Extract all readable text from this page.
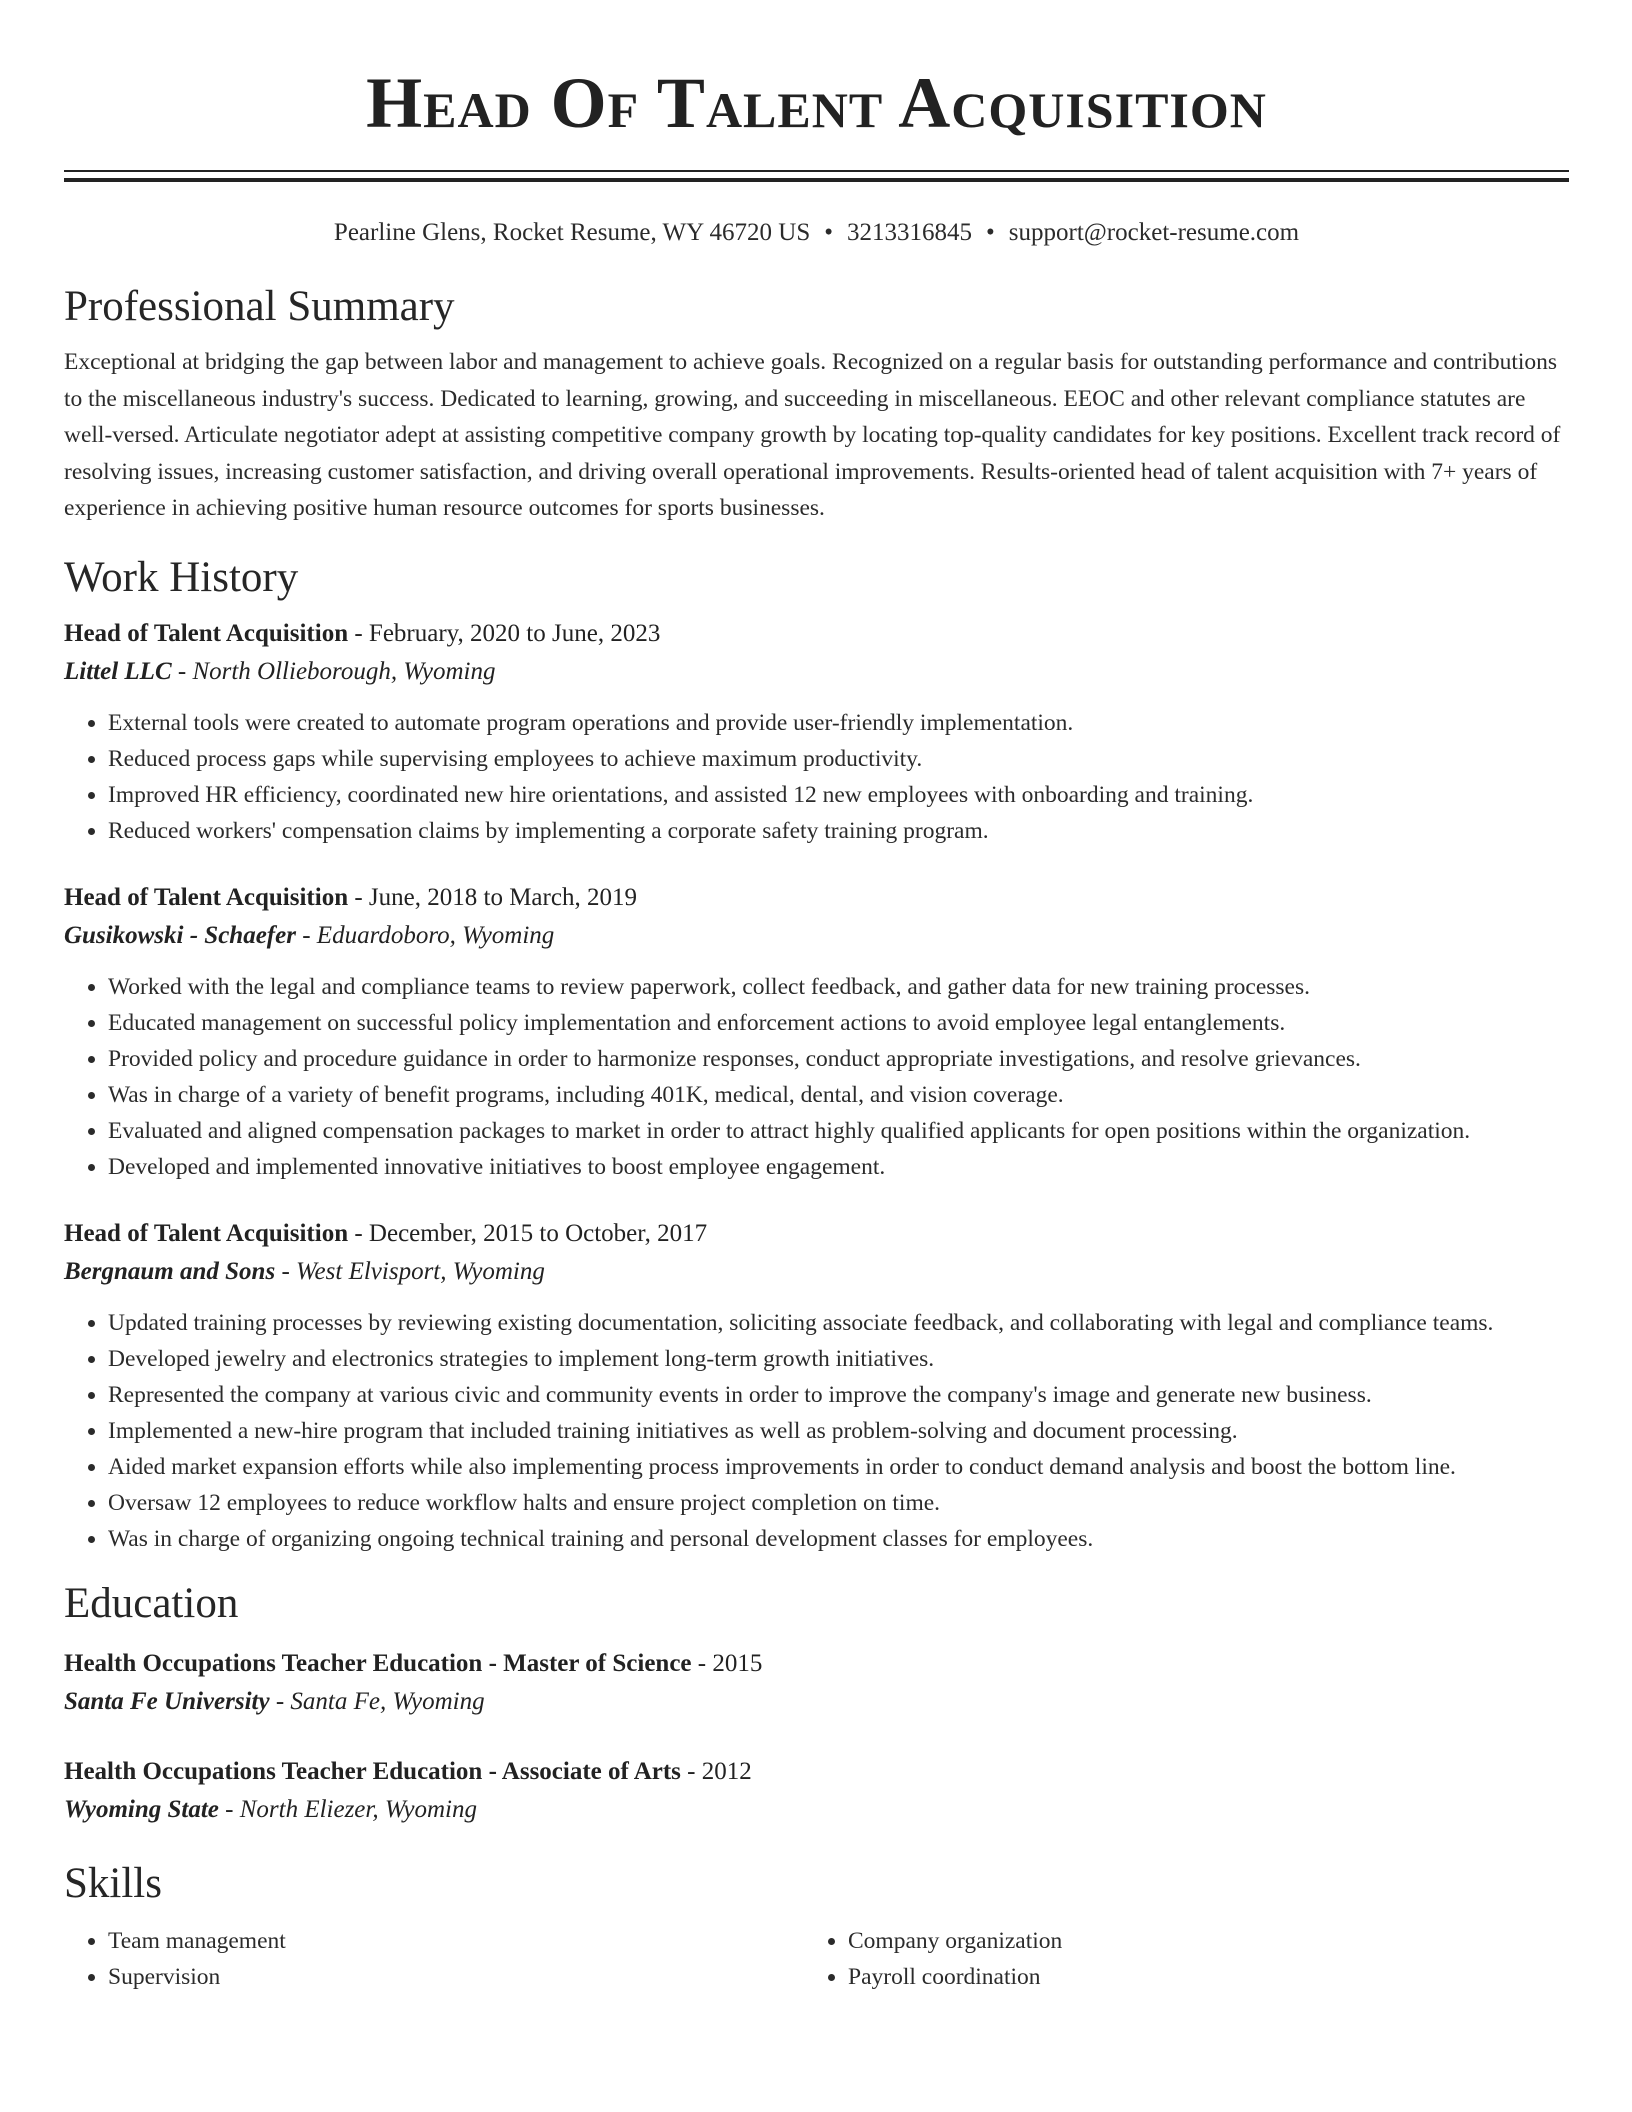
Head Of Talent Acquisition
Pearline Glens, Rocket Resume, WY 46720 US • 3213316845 • support@rocket-resume.com
Professional Summary

Exceptional at bridging the gap between labor and management to achieve goals. Recognized on a regular basis for outstanding performance and contributions to the miscellaneous industry's success. Dedicated to learning, growing, and succeeding in miscellaneous. EEOC and other relevant compliance statutes are well-versed. Articulate negotiator adept at assisting competitive company growth by locating top-quality candidates for key positions. Excellent track record of resolving issues, increasing customer satisfaction, and driving overall operational improvements. Results-oriented head of talent acquisition with 7+ years of experience in achieving positive human resource outcomes for sports businesses.

Work History
Head of Talent Acquisition - February, 2020 to June, 2023
Littel LLC - North Ollieborough, Wyoming
• External tools were created to automate program operations and provide user-friendly implementation.
• Reduced process gaps while supervising employees to achieve maximum productivity.
• Improved HR efficiency, coordinated new hire orientations, and assisted 12 new employees with onboarding and training.
• Reduced workers' compensation claims by implementing a corporate safety training program.
Head of Talent Acquisition - June, 2018 to March, 2019
Gusikowski - Schaefer - Eduardoboro, Wyoming
• Worked with the legal and compliance teams to review paperwork, collect feedback, and gather data for new training processes.
• Educated management on successful policy implementation and enforcement actions to avoid employee legal entanglements.
• Provided policy and procedure guidance in order to harmonize responses, conduct appropriate investigations, and resolve grievances.
• Was in charge of a variety of benefit programs, including 401K, medical, dental, and vision coverage.
• Evaluated and aligned compensation packages to market in order to attract highly qualified applicants for open positions within the organization.
• Developed and implemented innovative initiatives to boost employee engagement.
Head of Talent Acquisition - December, 2015 to October, 2017
Bergnaum and Sons - West Elvisport, Wyoming
• Updated training processes by reviewing existing documentation, soliciting associate feedback, and collaborating with legal and compliance teams.
• Developed jewelry and electronics strategies to implement long-term growth initiatives.
• Represented the company at various civic and community events in order to improve the company's image and generate new business.
• Implemented a new-hire program that included training initiatives as well as problem-solving and document processing.
• Aided market expansion efforts while also implementing process improvements in order to conduct demand analysis and boost the bottom line.
• Oversaw 12 employees to reduce workflow halts and ensure project completion on time.
• Was in charge of organizing ongoing technical training and personal development classes for employees.
Education
Health Occupations Teacher Education - Master of Science - 2015
Santa Fe University - Santa Fe, Wyoming
Health Occupations Teacher Education - Associate of Arts - 2012
Wyoming State - North Eliezer, Wyoming
Skills
• Team management
• Supervision
• Company organization
• Payroll coordination
